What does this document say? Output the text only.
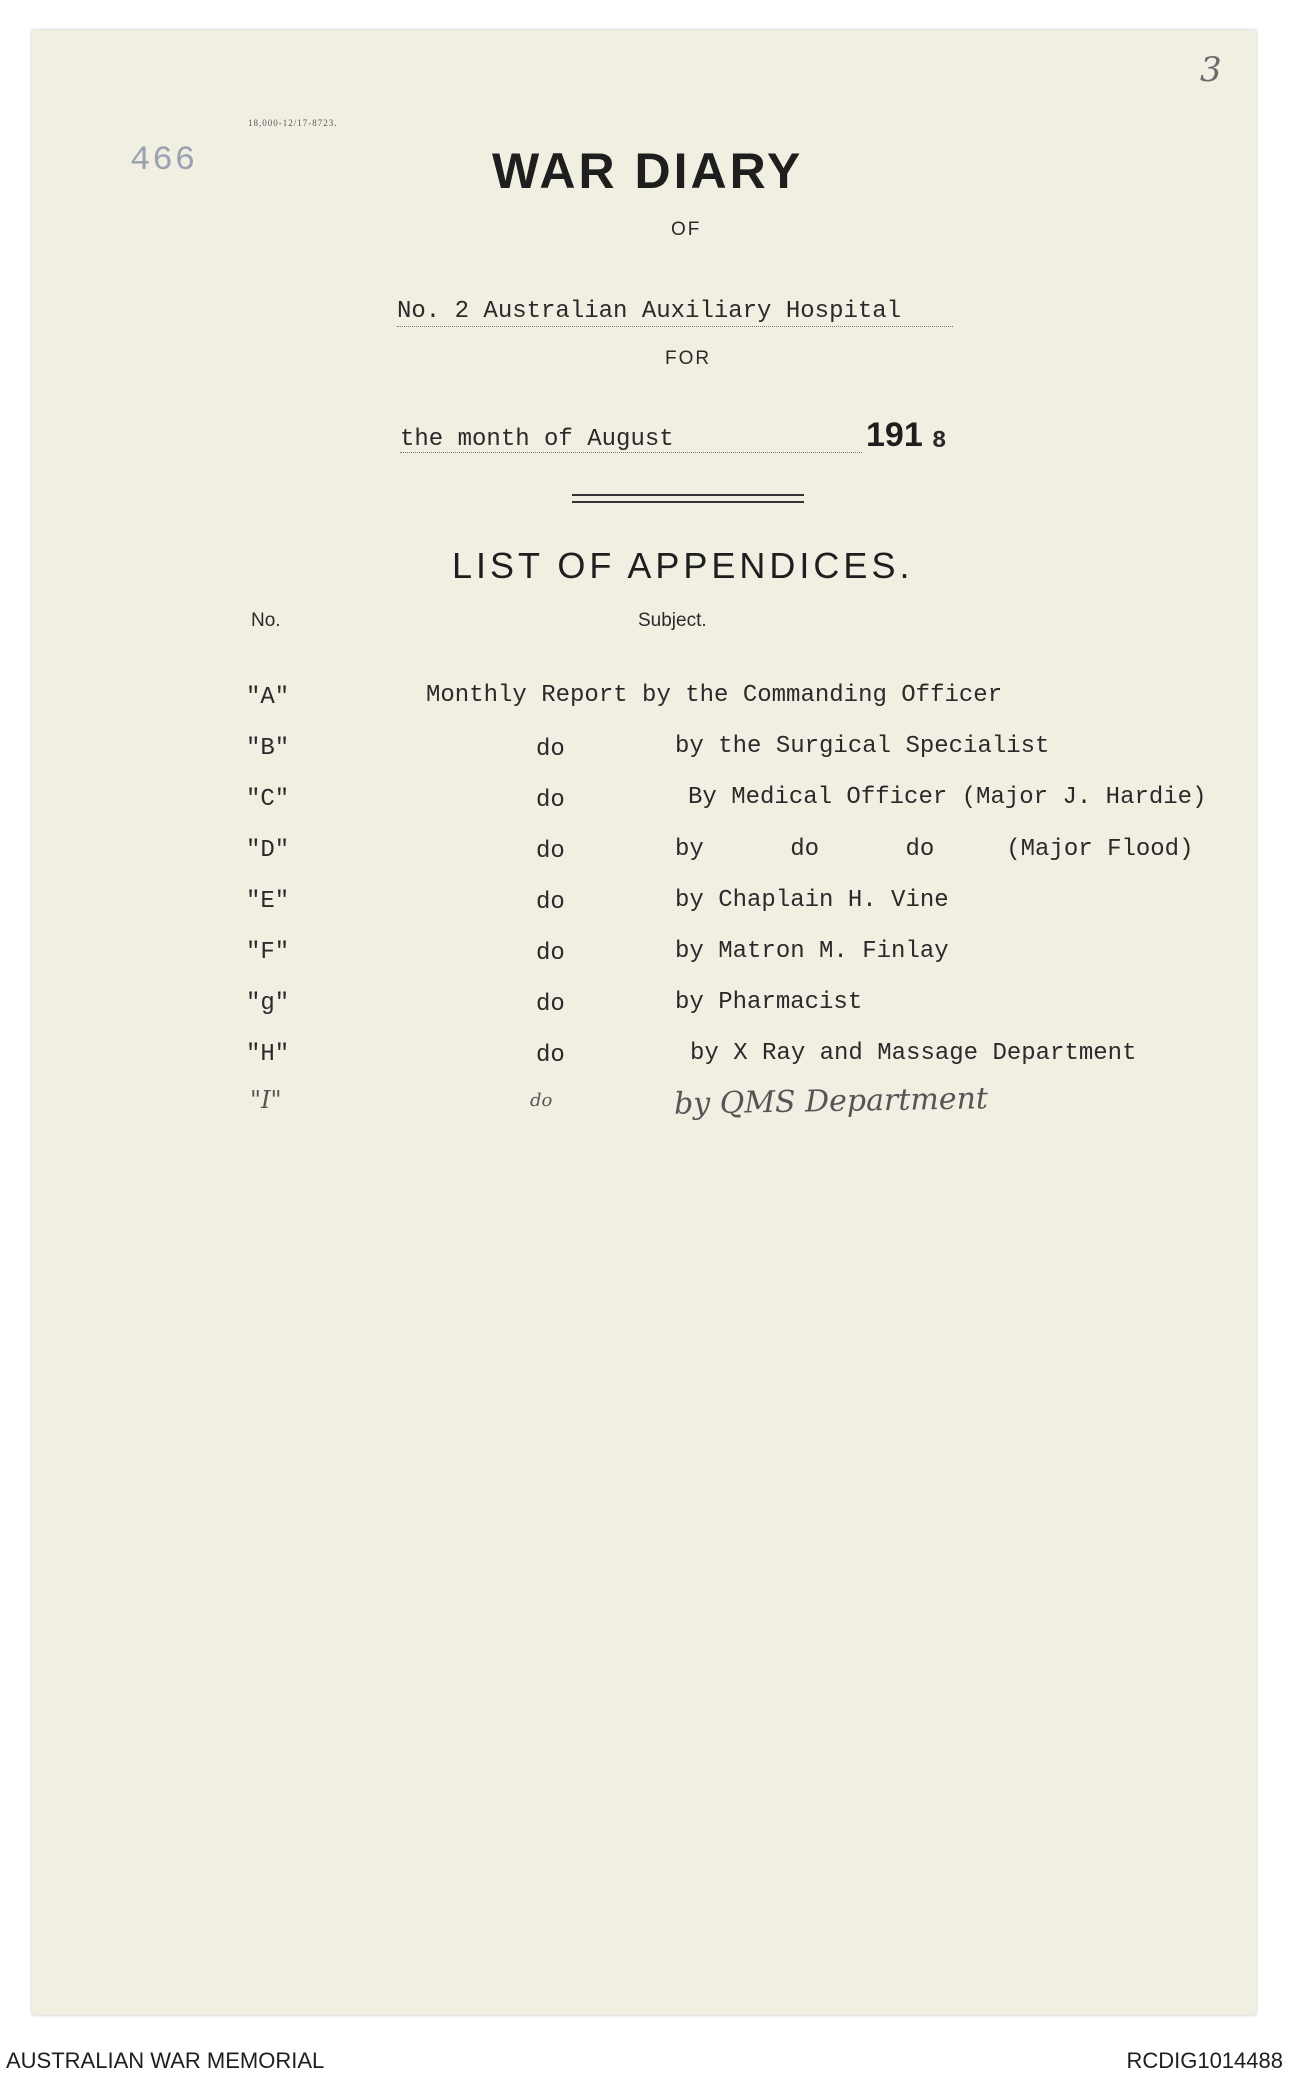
18,000-12/17-8723.
466
3
WAR DIARY
OF
No. 2 Australian Auxiliary Hospital
FOR
the month of August	191 8
LIST OF APPENDICES.
No.	Subject.
"A"	Monthly Report by the Commanding Officer
"B"	do	by the Surgical Specialist
"C"	do	By Medical Officer (Major J. Hardie)
"D"	do	by      do      do     (Major Flood)
"E"	do	by Chaplain H. Vine
"F"	do	by Matron M. Finlay
"g"	do	by Pharmacist
"H"	do	by X Ray and Massage Department
"I"	do	by QMS Department
AUSTRALIAN WAR MEMORIAL	RCDIG1014488
